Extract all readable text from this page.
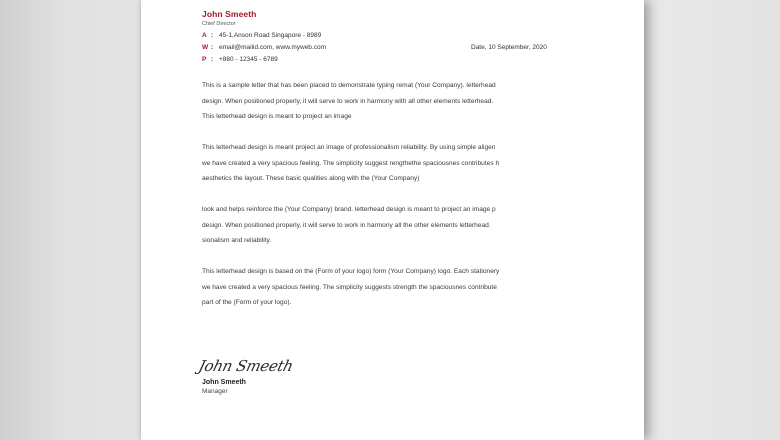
John Smeeth
Chief Director
A : 45-1,Anson Road Singapore - 8989
W : email@mailid.com, www.myweb.com
P : +880 - 12345 - 6789
Date, 10 September, 2020
This is a sample letter that has been placed to demonstrate typing remat (Your Company). letterhead
design. When positioned properly, it will serve to work in harmony with all other elements letterhead.
This letterhead design is meant to project an image
This letterhead design is meant project an image of professionalism reliability. By using simple aligen
we have created a very spacious feeling. The simplicity suggest rengthethe spaciousnes contributes h
aesthetics the layout. These basic qualities along with the (Your Company)
look and helps reinforce the (Your Company) brand. letterhead design is meant to project an image p
design. When positioned properly, it will serve to work in harmony all the other elements letterhead.
sionalism and reliability.
This letterhead design is based on the (Form of your logo) form (Your Company) logo. Each stationery
we have created a very spacious feeling. The simplicity suggests strength the spaciousnes contribute
part of the (Form of your logo).
John Smeeth
John Smeeth
Manager
